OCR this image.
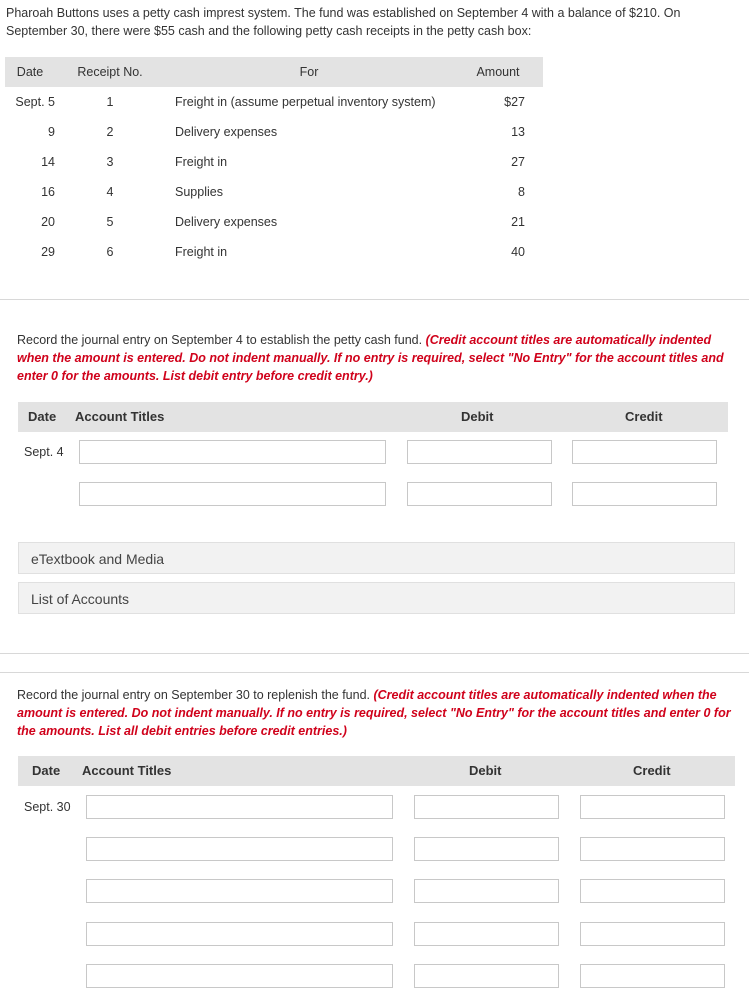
Pharoah Buttons uses a petty cash imprest system. The fund was established on September 4 with a balance of $210. On September 30, there were $55 cash and the following petty cash receipts in the petty cash box:
Date	Receipt No.	For	Amount
Sept. 5	1	Freight in (assume perpetual inventory system)	$27
9	2	Delivery expenses	13
14	3	Freight in	27
16	4	Supplies	8
20	5	Delivery expenses	21
29	6	Freight in	40
Record the journal entry on September 4 to establish the petty cash fund. (Credit account titles are automatically indented when the amount is entered. Do not indent manually. If no entry is required, select "No Entry" for the account titles and enter 0 for the amounts. List debit entry before credit entry.)
Date Account Titles	Debit	Credit
Sept. 4
eTextbook and Media
List of Accounts
Record the journal entry on September 30 to replenish the fund. (Credit account titles are automatically indented when the amount is entered. Do not indent manually. If no entry is required, select "No Entry" for the account titles and enter 0 for the amounts. List all debit entries before credit entries.)
Date Account Titles	Debit	Credit
Sept. 30
